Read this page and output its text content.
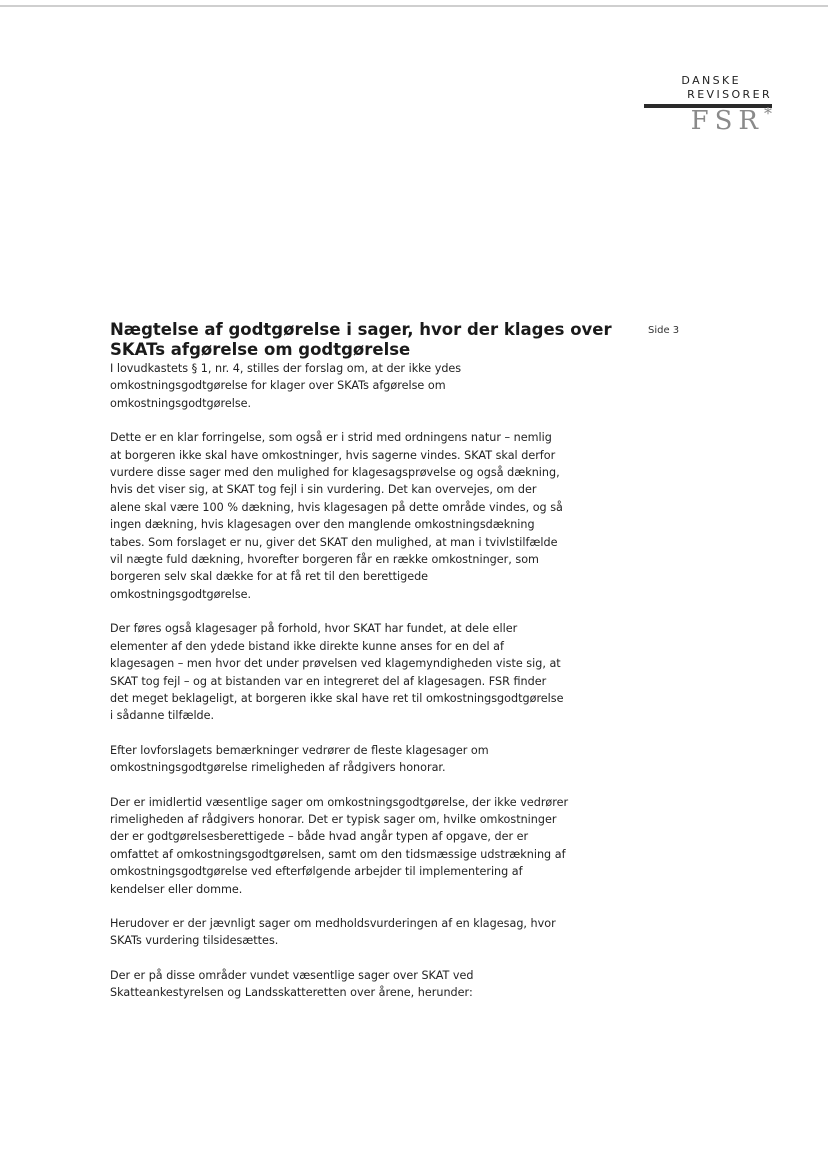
DANSKE
REVISORER
FSR*
Side 3
Nægtelse af godtgørelse i sager, hvor der klages over
SKATs afgørelse om godtgørelse

I lovudkastets § 1, nr. 4, stilles der forslag om, at der ikke ydes
omkostningsgodtgørelse for klager over SKATs afgørelse om
omkostningsgodtgørelse.

Dette er en klar forringelse, som også er i strid med ordningens natur – nemlig
at borgeren ikke skal have omkostninger, hvis sagerne vindes. SKAT skal derfor
vurdere disse sager med den mulighed for klagesagsprøvelse og også dækning,
hvis det viser sig, at SKAT tog fejl i sin vurdering. Det kan overvejes, om der
alene skal være 100 % dækning, hvis klagesagen på dette område vindes, og så
ingen dækning, hvis klagesagen over den manglende omkostningsdækning
tabes. Som forslaget er nu, giver det SKAT den mulighed, at man i tvivlstilfælde
vil nægte fuld dækning, hvorefter borgeren får en række omkostninger, som
borgeren selv skal dække for at få ret til den berettigede
omkostningsgodtgørelse.

Der føres også klagesager på forhold, hvor SKAT har fundet, at dele eller
elementer af den ydede bistand ikke direkte kunne anses for en del af
klagesagen – men hvor det under prøvelsen ved klagemyndigheden viste sig, at
SKAT tog fejl – og at bistanden var en integreret del af klagesagen. FSR finder
det meget beklageligt, at borgeren ikke skal have ret til omkostningsgodtgørelse
i sådanne tilfælde.

Efter lovforslagets bemærkninger vedrører de fleste klagesager om
omkostningsgodtgørelse rimeligheden af rådgivers honorar.

Der er imidlertid væsentlige sager om omkostningsgodtgørelse, der ikke vedrører
rimeligheden af rådgivers honorar. Det er typisk sager om, hvilke omkostninger
der er godtgørelsesberettigede – både hvad angår typen af opgave, der er
omfattet af omkostningsgodtgørelsen, samt om den tidsmæssige udstrækning af
omkostningsgodtgørelse ved efterfølgende arbejder til implementering af
kendelser eller domme.

Herudover er der jævnligt sager om medholdsvurderingen af en klagesag, hvor
SKATs vurdering tilsidesættes.

Der er på disse områder vundet væsentlige sager over SKAT ved
Skatteankestyrelsen og Landsskatteretten over årene, herunder:
